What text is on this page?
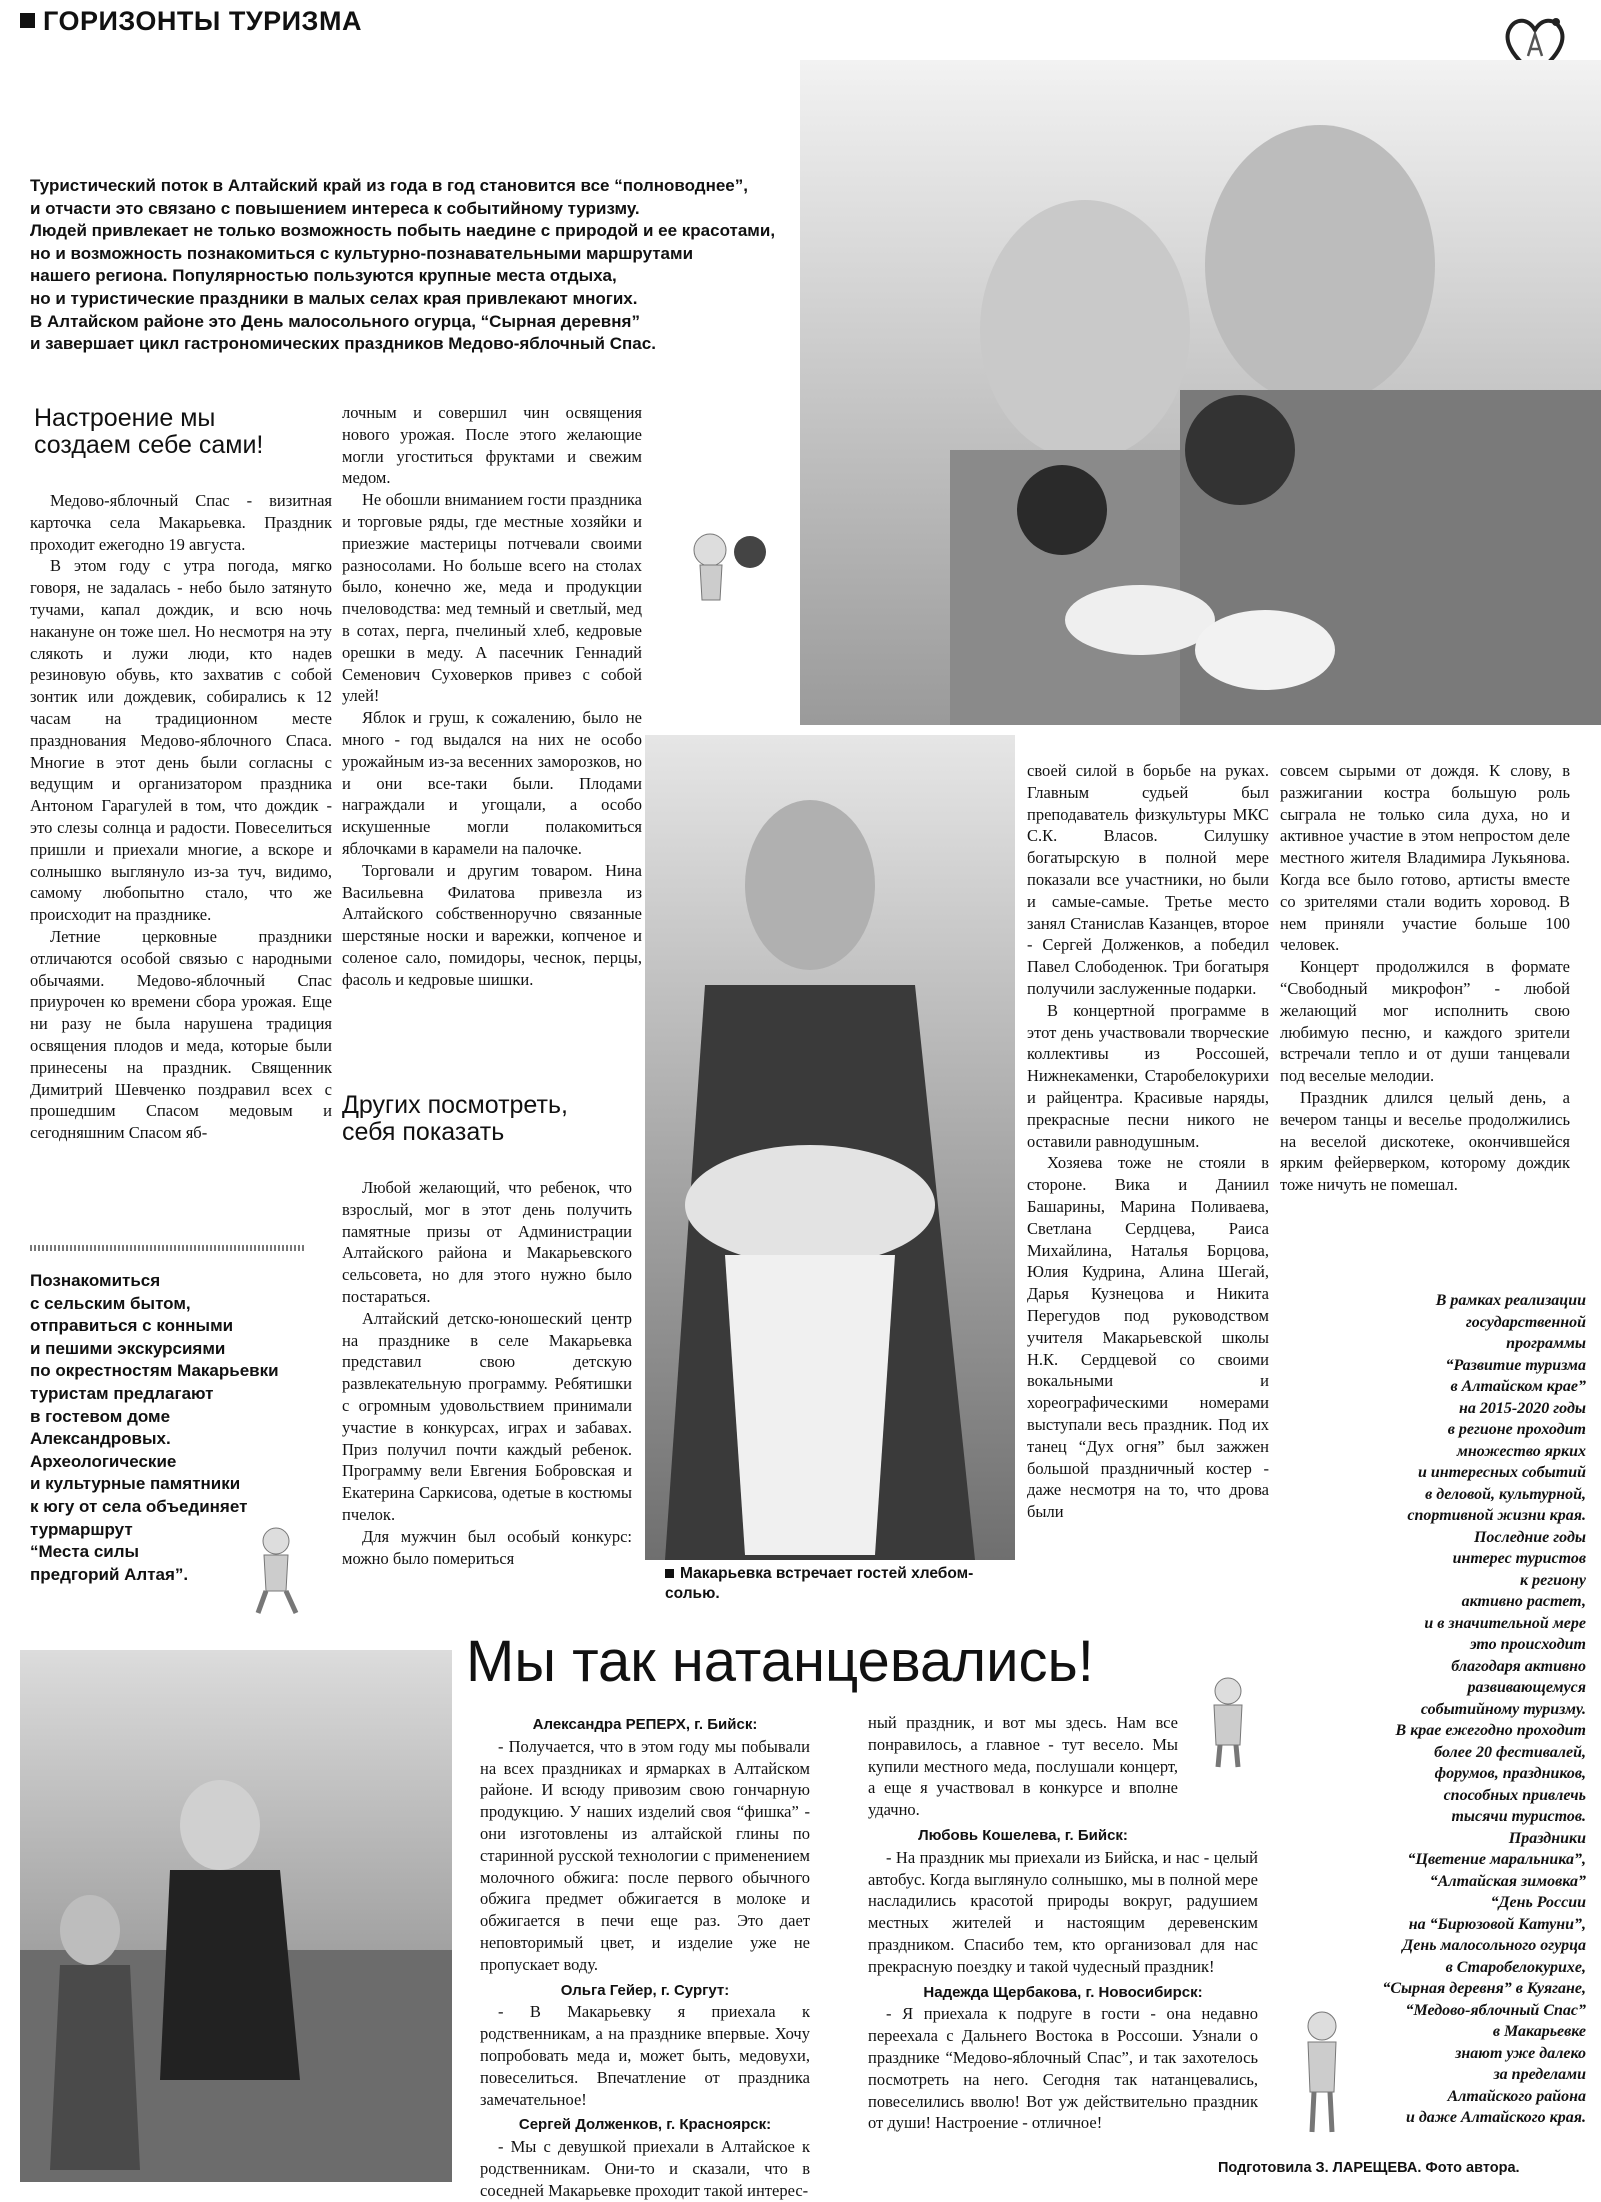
ГОРИЗОНТЫ ТУРИЗМА

Туристический поток в Алтайский край из года в год становится все “полноводнее”,

и отчасти это связано с повышением интереса к событийному туризму.

Людей привлекает не только возможность побыть наедине с природой и ее красотами,

но и возможность познакомиться с культурно-познавательными маршрутами

нашего региона. Популярностью пользуются крупные места отдыха,

но и туристические праздники в малых селах края привлекают многих.

В Алтайском районе это День малосольного огурца, “Сырная деревня”

и завершает цикл гастрономических праздников Медово-яблочный Спас.

Настроение мы создаем себе сами!
Других посмотреть, себя показать

Медово-яблочный Спас - визитная карточка села Макарьевка. Праздник проходит ежегодно 19 августа.

В этом году с утра погода, мягко говоря, не задалась - небо было затянуто тучами, капал дождик, и всю ночь накануне он тоже шел. Но несмотря на эту слякоть и лужи люди, кто надев резиновую обувь, кто захватив с собой зонтик или дождевик, собирались к 12 часам на традиционном месте празднования Медово-яблочного Спаса. Многие в этот день были согласны с ведущим и организатором праздника Антоном Гарагулей в том, что дождик - это слезы солнца и радости. Повеселиться пришли и приехали многие, а вскоре и солнышко выглянуло из-за туч, видимо, самому любопытно стало, что же происходит на празднике.

Летние церковные праздники отличаются особой связью с народными обычаями. Медово-яблочный Спас приурочен ко времени сбора урожая. Еще ни разу не была нарушена традиция освящения плодов и меда, которые были принесены на праздник. Священник Димитрий Шевченко поздравил всех с прошедшим Спасом медовым и сегодняшним Спасом яб-

лочным и совершил чин освящения нового урожая. После этого желающие могли угоститься фруктами и свежим медом.

Не обошли вниманием гости праздника и торговые ряды, где местные хозяйки и приезжие мастерицы потчевали своими разносолами. Но больше всего на столах было, конечно же, меда и продукции пчеловодства: мед темный и светлый, мед в сотах, перга, пчелиный хлеб, кедровые орешки в меду. А пасечник Геннадий Семенович Суховерков привез с собой улей!

Яблок и груш, к сожалению, было не много - год выдался на них не особо урожайным из-за весенних заморозков, но и они все-таки были. Плодами награждали и угощали, а особо искушенные могли полакомиться яблочками в карамели на палочке.

Торговали и другим товаром. Нина Васильевна Филатова привезла из Алтайского собственноручно связанные шерстяные носки и варежки, копченое и соленое сало, помидоры, чеснок, перцы, фасоль и кедровые шишки.

Любой желающий, что ребенок, что взрослый, мог в этот день получить памятные призы от Администрации Алтайского района и Макарьевского сельсовета, но для этого нужно было постараться.

Алтайский детско-юношеский центр на празднике в селе Макарьевка представил свою детскую развлекательную программу. Ребятишки с огромным удовольствием принимали участие в конкурсах, играх и забавах. Приз получил почти каждый ребенок. Программу вели Евгения Бобровская и Екатерина Саркисова, одетые в костюмы пчелок.

Для мужчин был особый конкурс: можно было помериться

своей силой в борьбе на руках. Главным судьей был преподаватель физкультуры МКС С.К. Власов. Силушку богатырскую в полной мере показали все участники, но были и самые-самые. Третье место занял Станислав Казанцев, второе - Сергей Долженков, а победил Павел Слободенюк. Три богатыря получили заслуженные подарки.

В концертной программе в этот день участвовали творческие коллективы из Россошей, Нижнекаменки, Старобелокурихи и райцентра. Красивые наряды, прекрасные песни никого не оставили равнодушным.

Хозяева тоже не стояли в стороне. Вика и Даниил Башарины, Марина Поливаева, Светлана Сердцева, Раиса Михайлина, Наталья Борцова, Юлия Кудрина, Алина Шегай, Дарья Кузнецова и Никита Перегудов под руководством учителя Макарьевской школы Н.К. Сердцевой со своими вокальными и хореографическими номерами выступали весь праздник. Под их танец “Дух огня” был зажжен большой праздничный костер - даже несмотря на то, что дрова были

совсем сырыми от дождя. К слову, в разжигании костра большую роль сыграла не только сила духа, но и активное участие в этом непростом деле местного жителя Владимира Лукьянова. Когда все было готово, артисты вместе со зрителями стали водить хоровод. В нем приняли участие больше 100 человек.

Концерт продолжился в формате “Свободный микрофон” - любой желающий мог исполнить свою любимую песню, и каждого зрители встречали тепло и от души танцевали под веселые мелодии.

Праздник длился целый день, а вечером танцы и веселье продолжились на веселой дискотеке, окончившейся ярким фейерверком, которому дождик тоже ничуть не помешал.

Познакомиться

с сельским бытом,

отправиться с конными

и пешими экскурсиями

по окрестностям Макарьевки

туристам предлагают

в гостевом доме

Александровых.

Археологические

и культурные памятники

к югу от села объединяет

турмаршрут

“Места силы

предгорий Алтая”.	Макарьевка встречает гостей хлебом-солью.

В рамках реализации

государственной

программы

“Развитие туризма

в Алтайском крае”

на 2015-2020 годы

в регионе проходит

множество ярких

и интересных событий

в деловой, культурной,

спортивной жизни края.

Последние годы

интерес туристов

к региону

активно растет,

и в значительной мере

это происходит

благодаря активно

развивающемуся

событийному туризму.

В крае ежегодно проходит

более 20 фестивалей,

форумов, праздников,

способных привлечь

тысячи туристов.

Праздники

“Цветение маральника”,

“Алтайская зимовка”

“День России

на “Бирюзовой Катуни”,

День малосольного огурца

в Старобелокурихе,

“Сырная деревня” в Куягане,

“Медово-яблочный Спас”

в Макарьевке

знают уже далеко

за пределами

Алтайского района

и даже Алтайского края.

Мы так натанцевались!

Александра РЕПЕРХ, г. Бийск:

- Получается, что в этом году мы побывали на всех праздниках и ярмарках в Алтайском районе. И всюду привозим свою гончарную продукцию. У наших изделий своя “фишка” - они изготовлены из алтайской глины по старинной русской технологии с применением молочного обжига: после первого обычного обжига предмет обжигается в молоке и обжигается в печи еще раз. Это дает неповторимый цвет, и изделие уже не пропускает воду.

Ольга Гейер, г. Сургут:

- В Макарьевку я приехала к родственникам, а на празднике впервые. Хочу попробовать меда и, может быть, медовухи, повеселиться. Впечатление от праздника замечательное!

Сергей Долженков, г. Красноярск:

- Мы с девушкой приехали в Алтайское к родственникам. Они-то и сказали, что в соседней Макарьевке проходит такой интерес-

ный праздник, и вот мы здесь. Нам все понравилось, а главное - тут весело. Мы купили местного меда, послушали концерт, а еще я участвовал в конкурсе и вполне удачно.

Любовь Кошелева, г. Бийск:

- На праздник мы приехали из Бийска, и нас - целый автобус. Когда выглянуло солнышко, мы в полной мере насладились красотой природы вокруг, радушием местных жителей и настоящим деревенским праздником. Спасибо тем, кто организовал для нас прекрасную поездку и такой чудесный праздник!

Надежда Щербакова, г. Новосибирск:

- Я приехала к подруге в гости - она недавно переехала с Дальнего Востока в Россоши. Узнали о празднике “Медово-яблочный Спас”, и так захотелось посмотреть на него. Сегодня так натанцевались, повеселились вволю! Вот уж действительно праздник от души! Настроение - отличное!

Подготовила З. ЛАРЕЩЕВА. Фото автора.
